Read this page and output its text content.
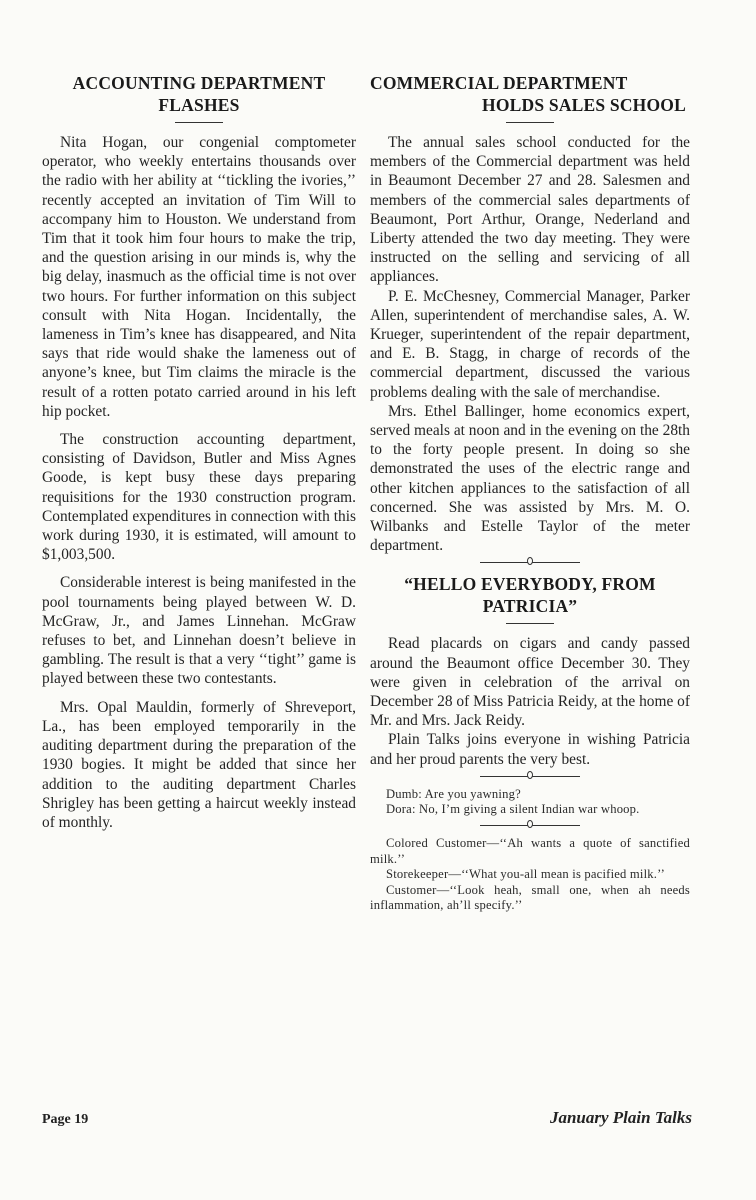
ACCOUNTING DEPARTMENT
FLASHES

Nita Hogan, our congenial comptometer operator, who weekly entertains thousands over the radio with her ability at ‘‘tickling the ivories,’’ recently accepted an invitation of Tim Will to accompany him to Houston. We understand from Tim that it took him four hours to make the trip, and the question arising in our minds is, why the big delay, inasmuch as the official time is not over two hours. For further information on this subject consult with Nita Hogan. Incidentally, the lameness in Tim’s knee has disappeared, and Nita says that ride would shake the lameness out of anyone’s knee, but Tim claims the miracle is the result of a rotten potato carried around in his left hip pocket.

The construction accounting department, consisting of Davidson, Butler and Miss Agnes Goode, is kept busy these days preparing requisitions for the 1930 construction program. Contemplated expenditures in connection with this work during 1930, it is estimated, will amount to $1,003,500.

Considerable interest is being manifested in the pool tournaments being played between W. D. McGraw, Jr., and James Linnehan. McGraw refuses to bet, and Linnehan doesn’t believe in gambling. The result is that a very ‘‘tight’’ game is played between these two contestants.

Mrs. Opal Mauldin, formerly of Shreveport, La., has been employed temporarily in the auditing department during the preparation of the 1930 bogies. It might be added that since her addition to the auditing department Charles Shrigley has been getting a haircut weekly instead of monthly.

COMMERCIAL DEPARTMENT
HOLDS SALES SCHOOL

The annual sales school conducted for the members of the Commercial department was held in Beaumont December 27 and 28. Salesmen and members of the commercial sales departments of Beaumont, Port Arthur, Orange, Nederland and Liberty attended the two day meeting. They were instructed on the selling and servicing of all appliances.

P. E. McChesney, Commercial Manager, Parker Allen, superintendent of merchandise sales, A. W. Krueger, superintendent of the repair department, and E. B. Stagg, in charge of records of the commercial department, discussed the various problems dealing with the sale of merchandise.

Mrs. Ethel Ballinger, home economics expert, served meals at noon and in the evening on the 28th to the forty people present. In doing so she demonstrated the uses of the electric range and other kitchen appliances to the satisfaction of all concerned. She was assisted by Mrs. M. O. Wilbanks and Estelle Taylor of the meter department.

“HELLO EVERYBODY, FROM
PATRICIA”

Read placards on cigars and candy passed around the Beaumont office December 30. They were given in celebration of the arrival on December 28 of Miss Patricia Reidy, at the home of Mr. and Mrs. Jack Reidy.

Plain Talks joins everyone in wishing Patricia and her proud parents the very best.

Dumb: Are you yawning?

Dora: No, I’m giving a silent Indian war whoop.

Colored Customer—‘‘Ah wants a quote of sanctified milk.’’

Storekeeper—‘‘What you-all mean is pacified milk.’’

Customer—‘‘Look heah, small one, when ah needs inflammation, ah’ll specify.’’

Page 19	January Plain Talks
